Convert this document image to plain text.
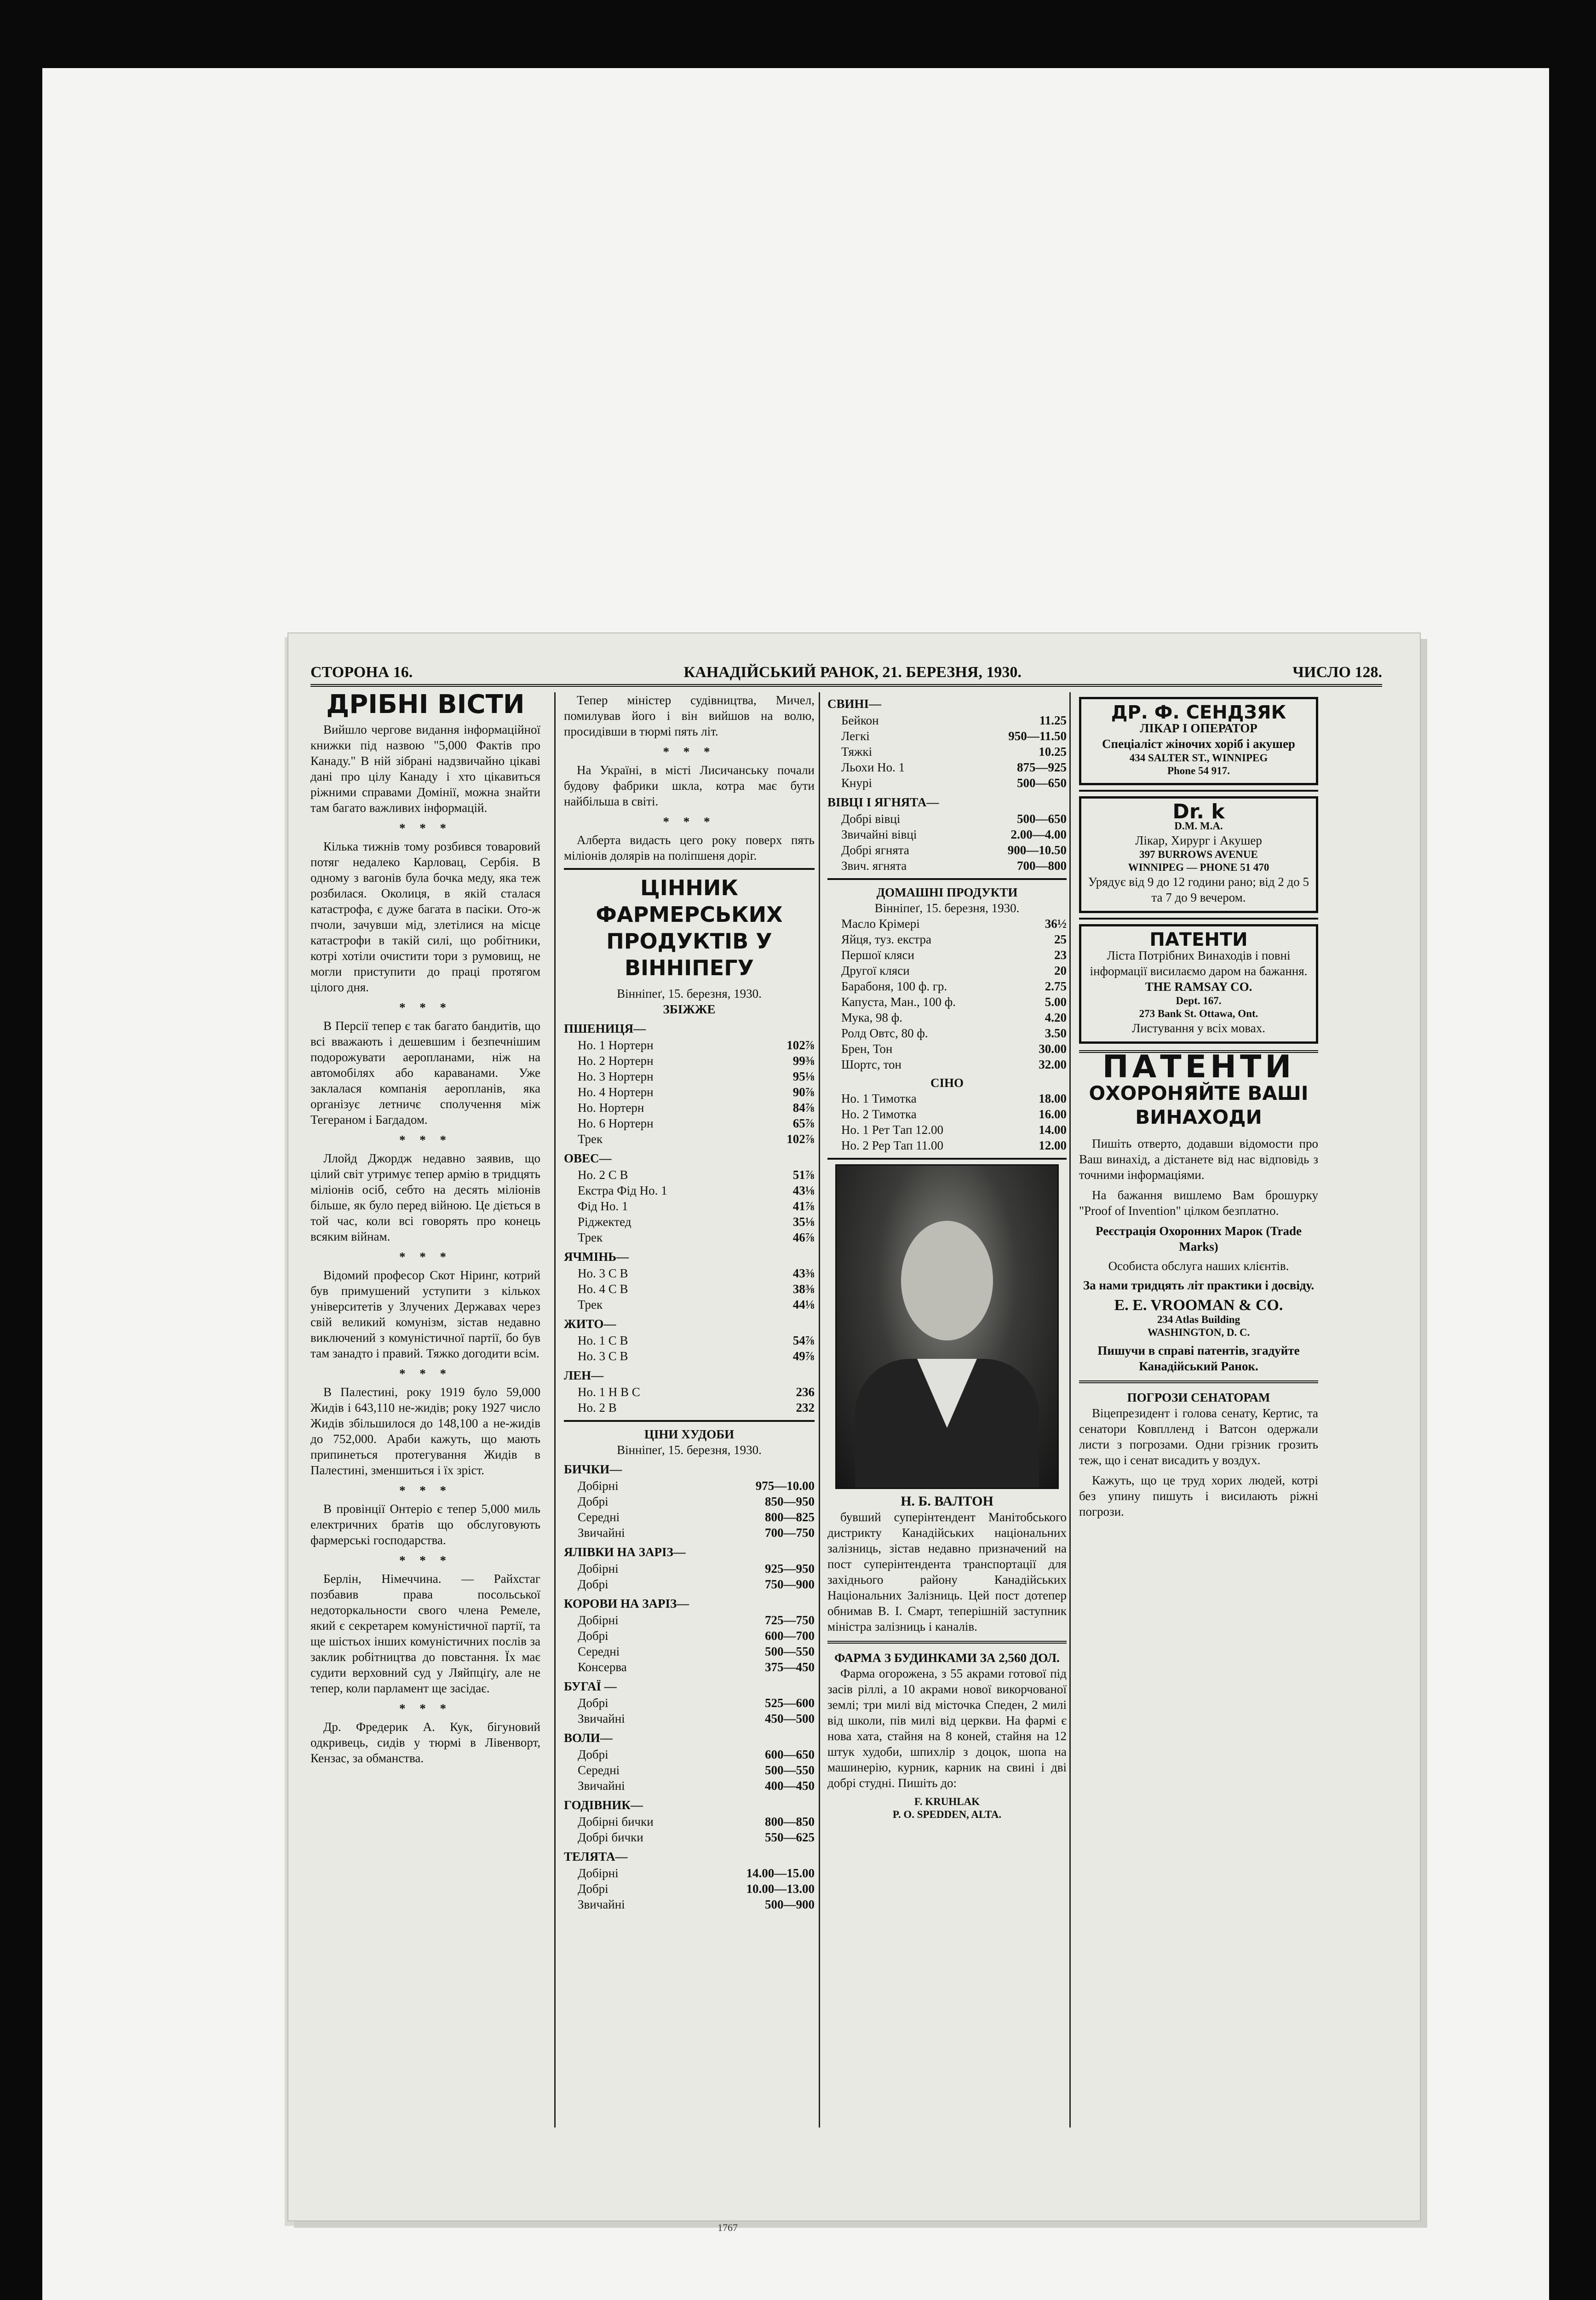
СТОРОНА 16.	КАНАДІЙСЬКИЙ РАНОК, 21. БЕРЕЗНЯ, 1930.	ЧИСЛО 128.
ДРІБНІ ВІСТИ

Вийшло чергове видання інформаційної книжки під назвою "5,000 Фактів про Канаду." В ній зібрані надзвичайно цікаві дані про цілу Канаду і хто цікавиться ріжними справами Домінії, можна знайти там багато важливих інформацій.

* * *

Кілька тижнів тому розбився товаровий потяг недалеко Карловац, Сербія. В одному з вагонів була бочка меду, яка теж розбилася. Околиця, в якій сталася катастрофа, є дуже багата в пасіки. Ото-ж пчоли, зачувши мід, злетілися на місце катастрофи в такій силі, що робітники, котрі хотіли очистити тори з румовищ, не могли приступити до праці протягом цілого дня.

* * *

В Персії тепер є так багато бандитів, що всі вважають і дешевшим і безпечнішим подорожувати аеропланами, ніж на автомобілях або караванами. Уже заклалася компанія аеропланів, яка організує летничє сполучення між Тегераном і Багдадом.

* * *

Ллойд Джордж недавно заявив, що цілий світ утримує тепер армію в тридцять міліонів осіб, себто на десять міліонів більше, як було перед війною. Це діється в той час, коли всі говорять про конець всяким війнам.

* * *

Відомий професор Скот Ніринг, котрий був примушений уступити з кількох університетів у Злучених Державах через свій великий комунізм, зістав недавно виключений з комуністичної партії, бо був там занадто і правий. Тяжко догодити всім.

* * *

В Палестині, року 1919 було 59,000 Жидів і 643,110 не-жидів; року 1927 число Жидів збільшилося до 148,100 а не-жидів до 752,000. Араби кажуть, що мають припинеться протегування Жидів в Палестині, зменшиться і їх зріст.

* * *

В провінції Онтеріо є тепер 5,000 миль електричних братів що обслуговують фармерські господарства.

* * *

Берлін, Німеччина. — Райхстаг позбавив права посольської недоторкальности свого члена Ремеле, який є секретарем комуністичної партії, та ще шістьох інших комуністичних послів за заклик робітництва до повстання. Їх має судити верховний суд у Ляйпціґу, але не тепер, коли парламент ще засідає.

* * *

Др. Фредерик А. Кук, бігуновий одкривець, сидів у тюрмі в Лівенворт, Кензас, за обманства.

Тепер міністер судівництва, Мичел, помилував його і він вийшов на волю, просидівши в тюрмі пять літ.

* * *

На Україні, в місті Лисичанську почали будову фабрики шкла, котра має бути найбільша в світі.

* * *

Алберта видасть цего року поверх пять міліонів долярів на поліпшеня доріг.

ЦІННИК ФАРМЕРСЬКИХ ПРОДУКТІВ У ВІННІПЕГУ
Вінніпеґ, 15. березня, 1930.
ЗБІЖЖЕ
ПШЕНИЦЯ—
Но. 1 Нортерн	102⅞
Но. 2 Нортерн	99⅜
Но. 3 Нортерн	95⅛
Но. 4 Нортерн	90⅞
Но. Нортерн	84⅞
Но. 6 Нортерн	65⅞
Трек	102⅞
ОВЕС—
Но. 2 С В	51⅞
Екстра Фід Но. 1	43⅛
Фід Но. 1	41⅞
Ріджектед	35⅛
Трек	46⅞
ЯЧМІНЬ—
Но. 3 С В	43⅜
Но. 4 С В	38⅜
Трек	44⅛
ЖИТО—
Но. 1 С В	54⅞
Но. 3 С В	49⅞
ЛЕН—
Но. 1 Н В С	236
Но. 2 В	232
ЦІНИ ХУДОБИ
Вінніпеґ, 15. березня, 1930.
БИЧКИ—
Добірні	975—10.00
Добрі	850—950
Середні	800—825
Звичайні	700—750
ЯЛІВКИ НА ЗАРІЗ—
Добірні	925—950
Добрі	750—900
КОРОВИ НА ЗАРІЗ—
Добірні	725—750
Добрі	600—700
Середні	500—550
Консерва	375—450
БУГАЇ —
Добрі	525—600
Звичайні	450—500
ВОЛИ—
Добрі	600—650
Середні	500—550
Звичайні	400—450
ГОДІВНИК—
Добірні бички	800—850
Добрі бички	550—625
ТЕЛЯТА—
Добірні	14.00—15.00
Добрі	10.00—13.00
Звичайні	500—900
СВИНІ—
Бейкон	11.25
Легкі	950—11.50
Тяжкі	10.25
Льохи Но. 1	875—925
Кнурі	500—650
ВІВЦІ І ЯГНЯТА—
Добрі вівці	500—650
Звичайні вівці	2.00—4.00
Добрі ягнята	900—10.50
Звич. ягнята	700—800
ДОМАШНІ ПРОДУКТИ
Вінніпеґ, 15. березня, 1930.
Масло Крімері	36½
Яйця, туз. екстра	25
Першої кляси	23
Другої кляси	20
Барабоня, 100 ф. гр.	2.75
Капуста, Ман., 100 ф.	5.00
Мука, 98 ф.	4.20
Ролд Овтс, 80 ф.	3.50
Брен, Тон	30.00
Шортс, тон	32.00
СІНО
Но. 1 Тимотка	18.00
Но. 2 Тимотка	16.00
Но. 1 Рет Tап 12.00	14.00
Но. 2 Рер Тап 11.00	12.00
Н. Б. ВАЛТОН

бувший суперінтендент Манітобського дистрикту Канадійських національних залізниць, зістав недавно призначений на пост суперінтендента транспортації для західнього району Канадійських Національних Залізниць. Цей пост дотепер обнимав В. І. Смарт, теперішній заступник міністра залізниць і каналів.

ФАРМА З БУДИНКАМИ ЗА 2,560 ДОЛ.

Фарма огорожена, з 55 акрами готової під засів ріллі, а 10 акрами нової викорчованої землі; три милі від місточка Спеден, 2 милі від школи, пів милі від церкви. На фармі є нова хата, стайня на 8 коней, стайня на 12 штук худоби, шпихлір з доцок, шопа на машинерію, курник, карник на свині і дві добрі студні. Пишіть до:

F. KRUHLAK
P. O. SPEDDEN, ALTA.
ДР. Ф. СЕНДЗЯК
ЛІКАР І ОПЕРАТОР
Спеціаліст жіночих хоріб і акушер
434 SALTER ST., WINNIPEG
Phone 54 917.
Dr. k
D.M. M.A.
Лікар, Хирург і Акушер
397 BURROWS AVENUE
WINNIPEG — PHONE 51 470
Урядує від 9 до 12 години рано; від 2 до 5 та 7 до 9 вечером.
ПАТЕНТИ
Ліста Потрібних Винаходів і повні інформації висилаємо даром на бажання.
THE RAMSAY CO.
Dept. 167.
273 Bank St. Ottawa, Ont.
Листування у всіх мовах.
ПАТЕНТИ
ОХОРОНЯЙТЕ ВАШІ ВИНАХОДИ

Пишіть отверто, додавши відомости про Ваш винахід, а дістанете від нас відповідь з точними інформаціями.

На бажання вишлемо Вам брошурку "Proof of Invention" цілком безплатно.

Реєстрація Охоронних Марок (Trade Marks)
Особиста обслуга наших клієнтів.
За нами тридцять літ практики і досвіду.
E. E. VROOMAN & CO.
234 Atlas Building
WASHINGTON, D. C.
Пишучи в справі патентів, згадуйте Канадійський Ранок.
ПОГРОЗИ СЕНАТОРАМ

Віцепрезидент і голова сенату, Кертис, та сенатори Ковплленд і Ватсон одержали листи з погрозами. Одни грізник грозить теж, що і сенат висадить у воздух.

Кажуть, що це труд хорих людей, котрі без упину пишуть і висилають ріжні погрози.

1767
